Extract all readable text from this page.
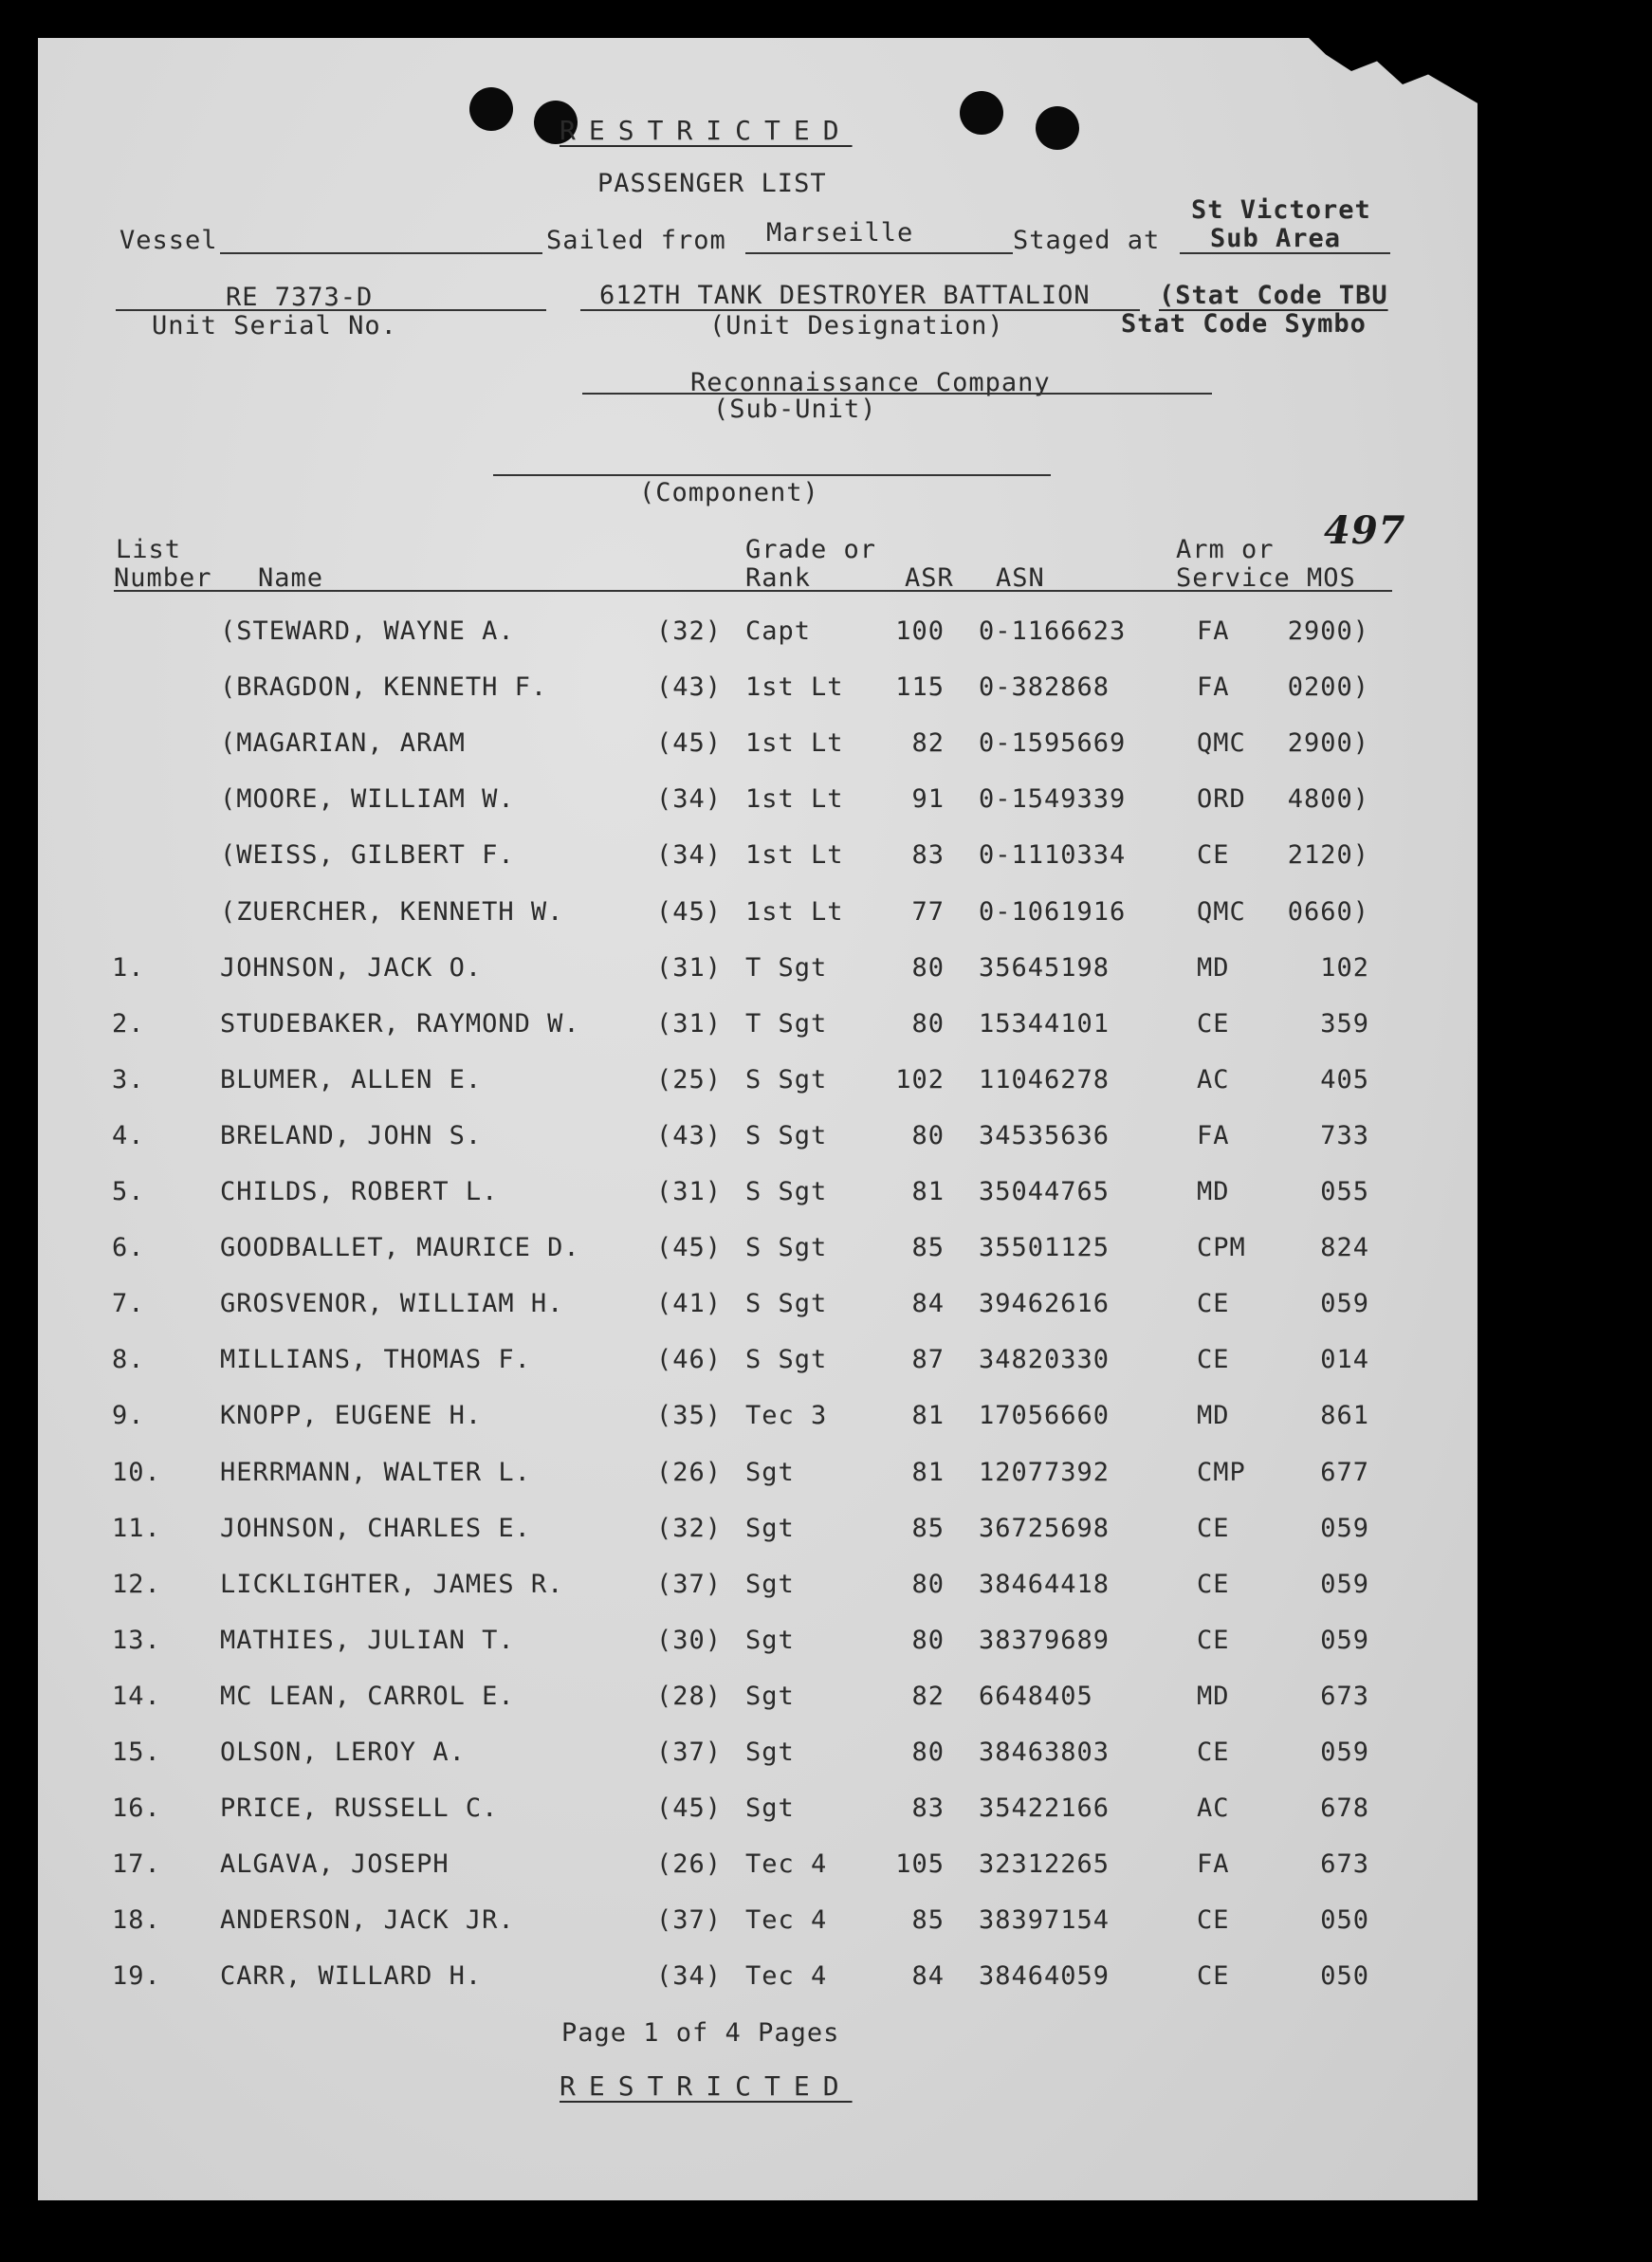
RESTRICTED
PASSENGER LIST
Vessel	Sailed from Marseille	Staged at
St Victoret
Sub Area
RE 7373-D
Unit Serial No.
612TH TANK DESTROYER BATTALION
(Unit Designation)
(Stat Code TBU
Stat Code Symbo
Reconnaissance Company
(Sub-Unit)
(Component)
497
List
Number Name
Grade or
Rank	ASR ASN
Arm or
Service MOS
(STEWARD, WAYNE A.	(32) Capt	100 0-1166623	FA	2900)
(BRAGDON, KENNETH F.	(43) 1st Lt	115 0-382868	FA	0200)
(MAGARIAN, ARAM	(45) 1st Lt	82 0-1595669	QMC	2900)
(MOORE, WILLIAM W.	(34) 1st Lt	91 0-1549339	ORD	4800)
(WEISS, GILBERT F.	(34) 1st Lt	83 0-1110334	CE	2120)
(ZUERCHER, KENNETH W.	(45) 1st Lt	77 0-1061916	QMC	0660)
1.	JOHNSON, JACK O.	(31) T Sgt	80 35645198	MD	102
2.	STUDEBAKER, RAYMOND W.	(31) T Sgt	80 15344101	CE	359
3.	BLUMER, ALLEN E.	(25) S Sgt	102 11046278	AC	405
4.	BRELAND, JOHN S.	(43) S Sgt	80 34535636	FA	733
5.	CHILDS, ROBERT L.	(31) S Sgt	81 35044765	MD	055
6.	GOODBALLET, MAURICE D.	(45) S Sgt	85 35501125	CPM	824
7.	GROSVENOR, WILLIAM H.	(41) S Sgt	84 39462616	CE	059
8.	MILLIANS, THOMAS F.	(46) S Sgt	87 34820330	CE	014
9.	KNOPP, EUGENE H.	(35) Tec 3	81 17056660	MD	861
10. HERRMANN, WALTER L.	(26) Sgt	81 12077392	CMP	677
11. JOHNSON, CHARLES E.	(32) Sgt	85 36725698	CE	059
12. LICKLIGHTER, JAMES R.	(37) Sgt	80 38464418	CE	059
13. MATHIES, JULIAN T.	(30) Sgt	80 38379689	CE	059
14. MC LEAN, CARROL E.	(28) Sgt	82 6648405	MD	673
15. OLSON, LEROY A.	(37) Sgt	80 38463803	CE	059
16. PRICE, RUSSELL C.	(45) Sgt	83 35422166	AC	678
17. ALGAVA, JOSEPH	(26) Tec 4	105 32312265	FA	673
18. ANDERSON, JACK JR.	(37) Tec 4	85 38397154	CE	050
19. CARR, WILLARD H.	(34) Tec 4	84 38464059	CE	050
Page 1 of 4 Pages
RESTRICTED
